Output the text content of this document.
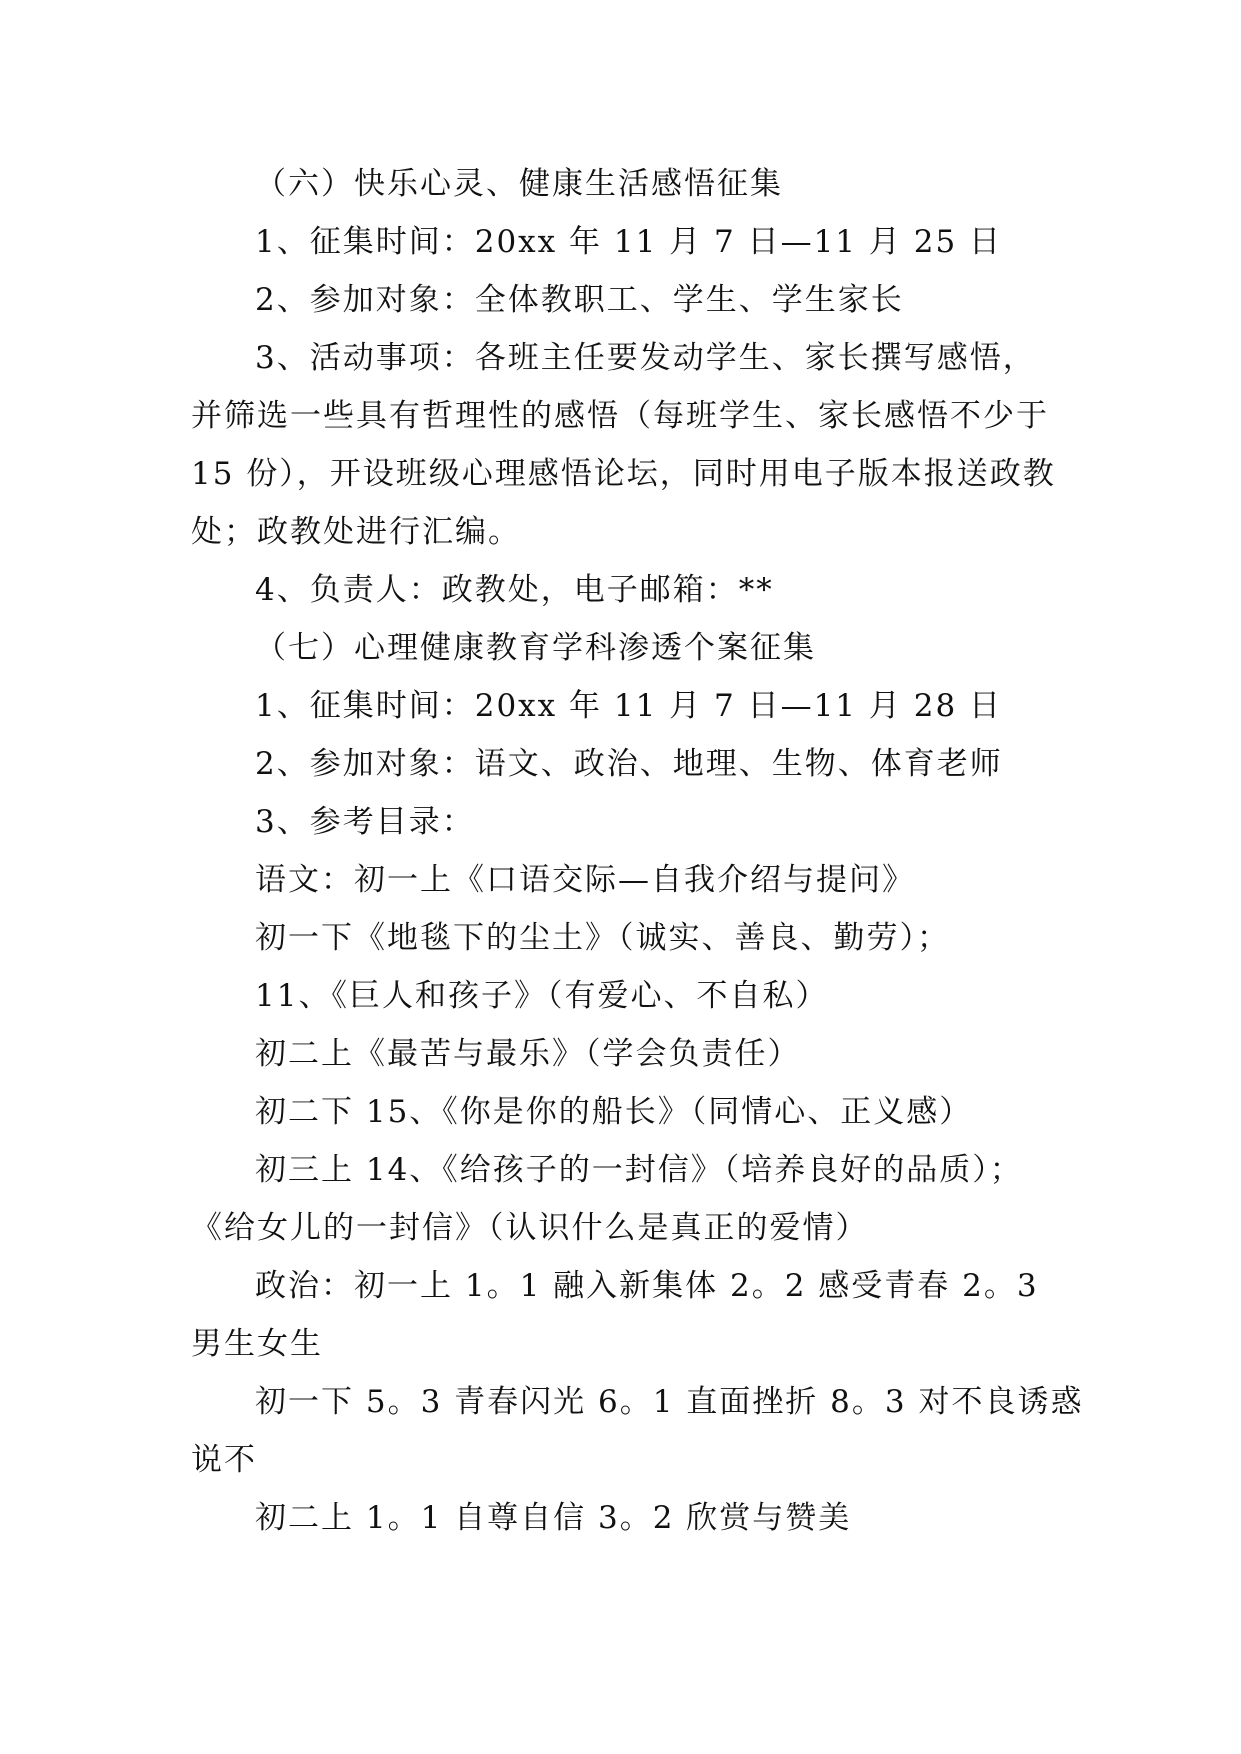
（六）快乐心灵、健康生活感悟征集
1、征集时间：20xx 年 11 月 7 日—11 月 25 日
2、参加对象：全体教职工、学生、学生家长
3、活动事项：各班主任要发动学生、家长撰写感悟，
并筛选一些具有哲理性的感悟（每班学生、家长感悟不少于
15 份），开设班级心理感悟论坛，同时用电子版本报送政教
处；政教处进行汇编。
4、负责人：政教处，电子邮箱：**
（七）心理健康教育学科渗透个案征集
1、征集时间：20xx 年 11 月 7 日—11 月 28 日
2、参加对象：语文、政治、地理、生物、体育老师
3、参考目录：
语文：初一上《口语交际—自我介绍与提问》
初一下《地毯下的尘土》（诚实、善良、勤劳）；
11、《巨人和孩子》（有爱心、不自私）
初二上《最苦与最乐》（学会负责任）
初二下 15、《你是你的船长》（同情心、正义感）
初三上 14、《给孩子的一封信》（培养良好的品质）；
《给女儿的一封信》（认识什么是真正的爱情）
政治：初一上 1。1 融入新集体 2。2 感受青春 2。3
男生女生
初一下 5。3 青春闪光 6。1 直面挫折 8。3 对不良诱惑
说不
初二上 1。1 自尊自信 3。2 欣赏与赞美
